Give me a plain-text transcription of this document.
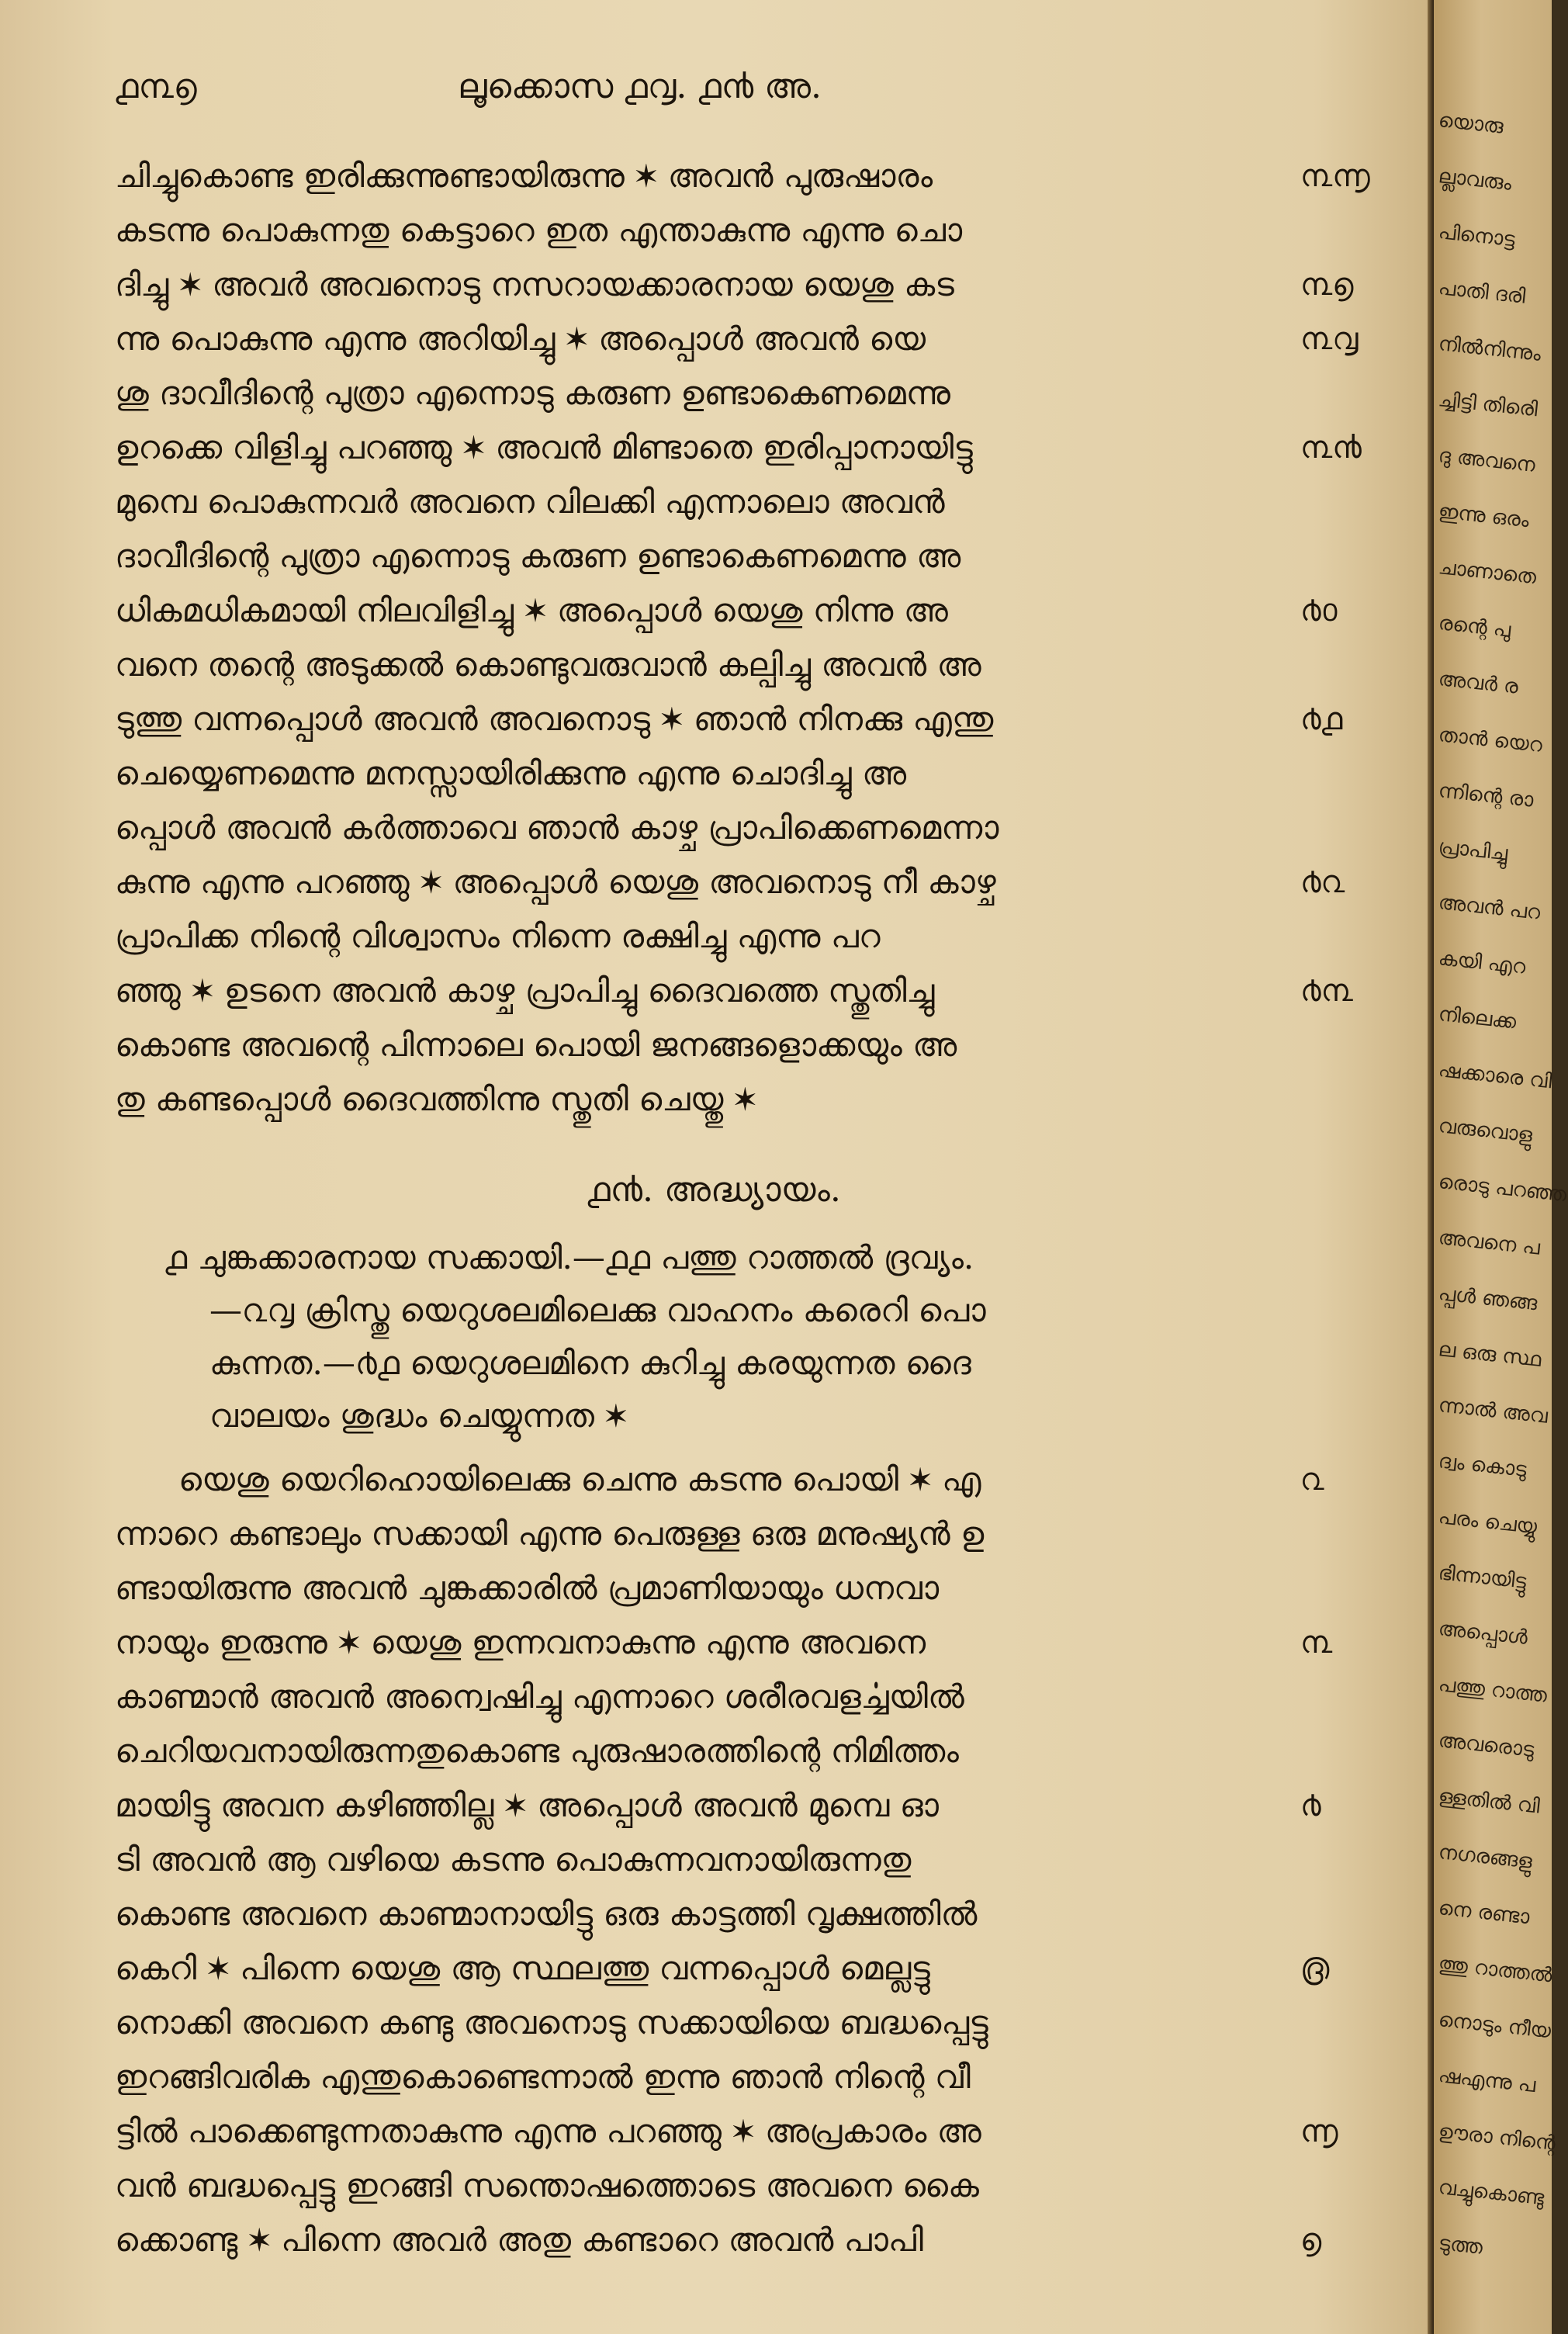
൧൩൭	ലൂക്കൊസ ൧൮. ൧൯ അ.
ചിച്ചുകൊണ്ട ഇരിക്കുന്നുണ്ടായിരുന്നു ✶ അവൻ പുരുഷാരം	൩൬
കടന്നു പൊകുന്നതു കെട്ടാറെ ഇത എന്താകുന്നു എന്നു ചൊ
ദിച്ചു ✶ അവർ അവനൊടു നസറായക്കാരനായ യെശു കട	൩൭
ന്നു പൊകുന്നു എന്നു അറിയിച്ചു ✶ അപ്പൊൾ അവൻ യെ	൩൮
ശു ദാവീദിന്റെ പുത്രാ എന്നൊടു കരുണ ഉണ്ടാകെണമെന്നു
ഉറക്കെ വിളിച്ചു പറഞ്ഞു ✶ അവൻ മിണ്ടാതെ ഇരിപ്പാനായിട്ടു	൩൯
മുമ്പെ പൊകുന്നവർ അവനെ വിലക്കി എന്നാലൊ അവൻ
ദാവീദിന്റെ പുത്രാ എന്നൊടു കരുണ ഉണ്ടാകെണമെന്നു അ
ധികമധികമായി നിലവിളിച്ചു ✶ അപ്പൊൾ യെശു നിന്നു അ	൪൦
വനെ തന്റെ അടുക്കൽ കൊണ്ടുവരുവാൻ കല്പിച്ചു അവൻ അ
ടുത്തു വന്നപ്പൊൾ അവൻ അവനൊടു ✶ ഞാൻ നിനക്കു എന്തു	൪൧
ചെയ്യെണമെന്നു മനസ്സായിരിക്കുന്നു എന്നു ചൊദിച്ചു അ
പ്പൊൾ അവൻ കർത്താവെ ഞാൻ കാഴ്ച പ്രാപിക്കെണമെന്നാ
കുന്നു എന്നു പറഞ്ഞു ✶ അപ്പൊൾ യെശു അവനൊടു നീ കാഴ്ച	൪൨
പ്രാപിക്ക നിന്റെ വിശ്വാസം നിന്നെ രക്ഷിച്ചു എന്നു പറ
ഞ്ഞു ✶ ഉടനെ അവൻ കാഴ്ച പ്രാപിച്ചു ദൈവത്തെ സ്തുതിച്ചു	൪൩
കൊണ്ട അവന്റെ പിന്നാലെ പൊയി ജനങ്ങളൊക്കയും അ
തു കണ്ടപ്പൊൾ ദൈവത്തിന്നു സ്തുതി ചെയ്തു ✶
൧൯. അദ്ധ്യായം.
൧ ചുങ്കക്കാരനായ സക്കായി.—൧൧ പത്തു റാത്തൽ ദ്രവ്യം.
—൨൮ ക്രിസ്തു യെറുശലമിലെക്കു വാഹനം കരെറി പൊ
കുന്നത.—൪൧ യെറുശലമിനെ കുറിച്ചു കരയുന്നത ദൈ
വാലയം ശുദ്ധം ചെയ്യുന്നത ✶
യെശു യെറിഹൊയിലെക്കു ചെന്നു കടന്നു പൊയി ✶ എ	൨
ന്നാറെ കണ്ടാലും സക്കായി എന്നു പെരുള്ള ഒരു മനുഷ്യൻ ഉ
ണ്ടായിരുന്നു അവൻ ചുങ്കക്കാരിൽ പ്രമാണിയായും ധനവാ
നായും ഇരുന്നു ✶ യെശു ഇന്നവനാകുന്നു എന്നു അവനെ	൩
കാണ്മാൻ അവൻ അന്വെഷിച്ചു എന്നാറെ ശരീരവളൎച്ചയിൽ
ചെറിയവനായിരുന്നതുകൊണ്ട പുരുഷാരത്തിന്റെ നിമിത്തം
മായിട്ടു അവന കഴിഞ്ഞില്ല ✶ അപ്പൊൾ അവൻ മുമ്പെ ഓ	൪
ടി അവൻ ആ വഴിയെ കടന്നു പൊകുന്നവനായിരുന്നതു
കൊണ്ട അവനെ കാണ്മാനായിട്ടു ഒരു കാട്ടത്തി വൃക്ഷത്തിൽ
കെറി ✶ പിന്നെ യെശു ആ സ്ഥലത്തു വന്നപ്പൊൾ മെല്ലട്ടു	൫
നൊക്കി അവനെ കണ്ടു അവനൊടു സക്കായിയെ ബദ്ധപ്പെട്ടു
ഇറങ്ങിവരിക എന്തുകൊണ്ടെന്നാൽ ഇന്നു ഞാൻ നിന്റെ വീ
ട്ടിൽ പാക്കെണ്ടുന്നതാകുന്നു എന്നു പറഞ്ഞു ✶ അപ്രകാരം അ	൬
വൻ ബദ്ധപ്പെട്ടു ഇറങ്ങി സന്തൊഷത്തൊടെ അവനെ കൈ
ക്കൊണ്ടു ✶ പിന്നെ അവർ അതു കണ്ടാറെ അവൻ പാപി	൭
യൊരു
ല്ലാവരും
പിനൊട്ട
പാതി ദരി
നിൽനിന്നും
ച്ചിട്ടി തിരിെ
ദു അവനെ
ഇന്നു ഒരം
ചാണാതെ
രന്റെ പു
അവർ ര
താൻ യെറ
ന്നിന്റെ രാ
പ്രാപിച്ചു
അവൻ പറ
കയി എറ
നിലെക്ക
ഷക്കാരെ വി
വരുവൊളു
രൊടു പറഞ്ഞ
അവനെ പ
പ്പൾ ഞങ്ങ
ല ഒരു സ്ഥ
ന്നാൽ അവ
ദ്വം കൊടു
പരം ചെയ്യു
ഭിന്നായിട്ടു
അപ്പൊൾ
പത്തു റാത്ത
അവരൊടു
ള്ളതിൽ വി
നഗരങ്ങളു
നെ രണ്ടാ
ത്തു റാത്തൽ
നൊടും നീയ
ഷഎന്നു പ
ഊരാ നിന്റെ
വച്ചുകൊണ്ടു
ടുത്ത
